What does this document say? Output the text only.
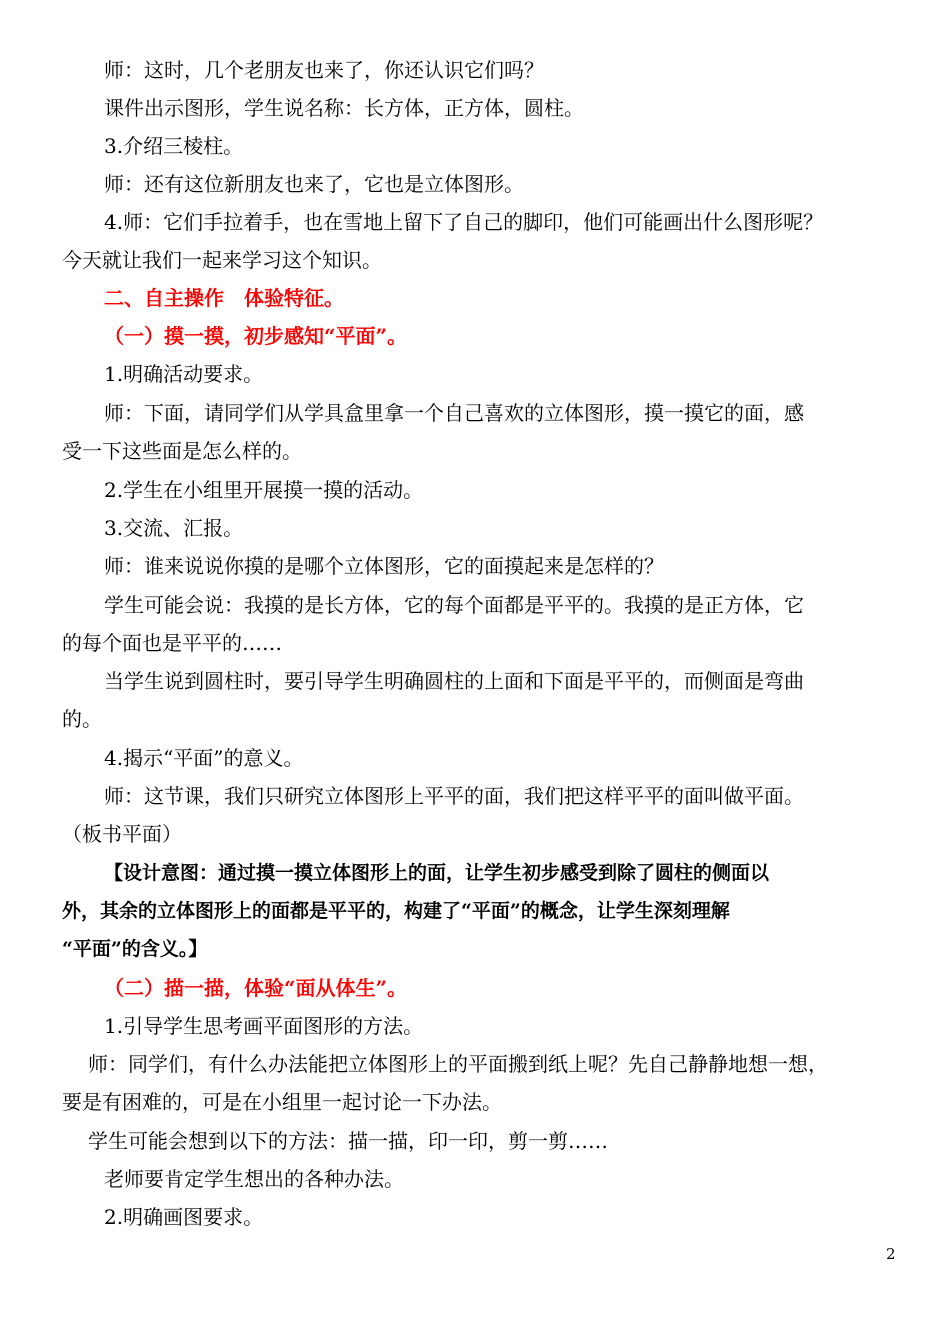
师：这时，几个老朋友也来了，你还认识它们吗？
课件出示图形，学生说名称：长方体，正方体，圆柱。
3.介绍三棱柱。
师：还有这位新朋友也来了，它也是立体图形。
4.师：它们手拉着手，也在雪地上留下了自己的脚印，他们可能画出什么图形呢？
今天就让我们一起来学习这个知识。
二、自主操作　体验特征。
（一）摸一摸，初步感知“平面”。
1.明确活动要求。
师：下面，请同学们从学具盒里拿一个自己喜欢的立体图形，摸一摸它的面，感
受一下这些面是怎么样的。
2.学生在小组里开展摸一摸的活动。
3.交流、汇报。
师：谁来说说你摸的是哪个立体图形，它的面摸起来是怎样的？
学生可能会说：我摸的是长方体，它的每个面都是平平的。我摸的是正方体，它
的每个面也是平平的……
当学生说到圆柱时，要引导学生明确圆柱的上面和下面是平平的，而侧面是弯曲
的。
4.揭示“平面”的意义。
师：这节课，我们只研究立体图形上平平的面，我们把这样平平的面叫做平面。
（板书平面）
【设计意图：通过摸一摸立体图形上的面，让学生初步感受到除了圆柱的侧面以
外，其余的立体图形上的面都是平平的，构建了“平面”的概念，让学生深刻理解
“平面”的含义。】
（二）描一描，体验“面从体生”。
1.引导学生思考画平面图形的方法。
师：同学们，有什么办法能把立体图形上的平面搬到纸上呢？先自己静静地想一想，
要是有困难的，可是在小组里一起讨论一下办法。
学生可能会想到以下的方法：描一描，印一印，剪一剪……
老师要肯定学生想出的各种办法。
2.明确画图要求。
2
